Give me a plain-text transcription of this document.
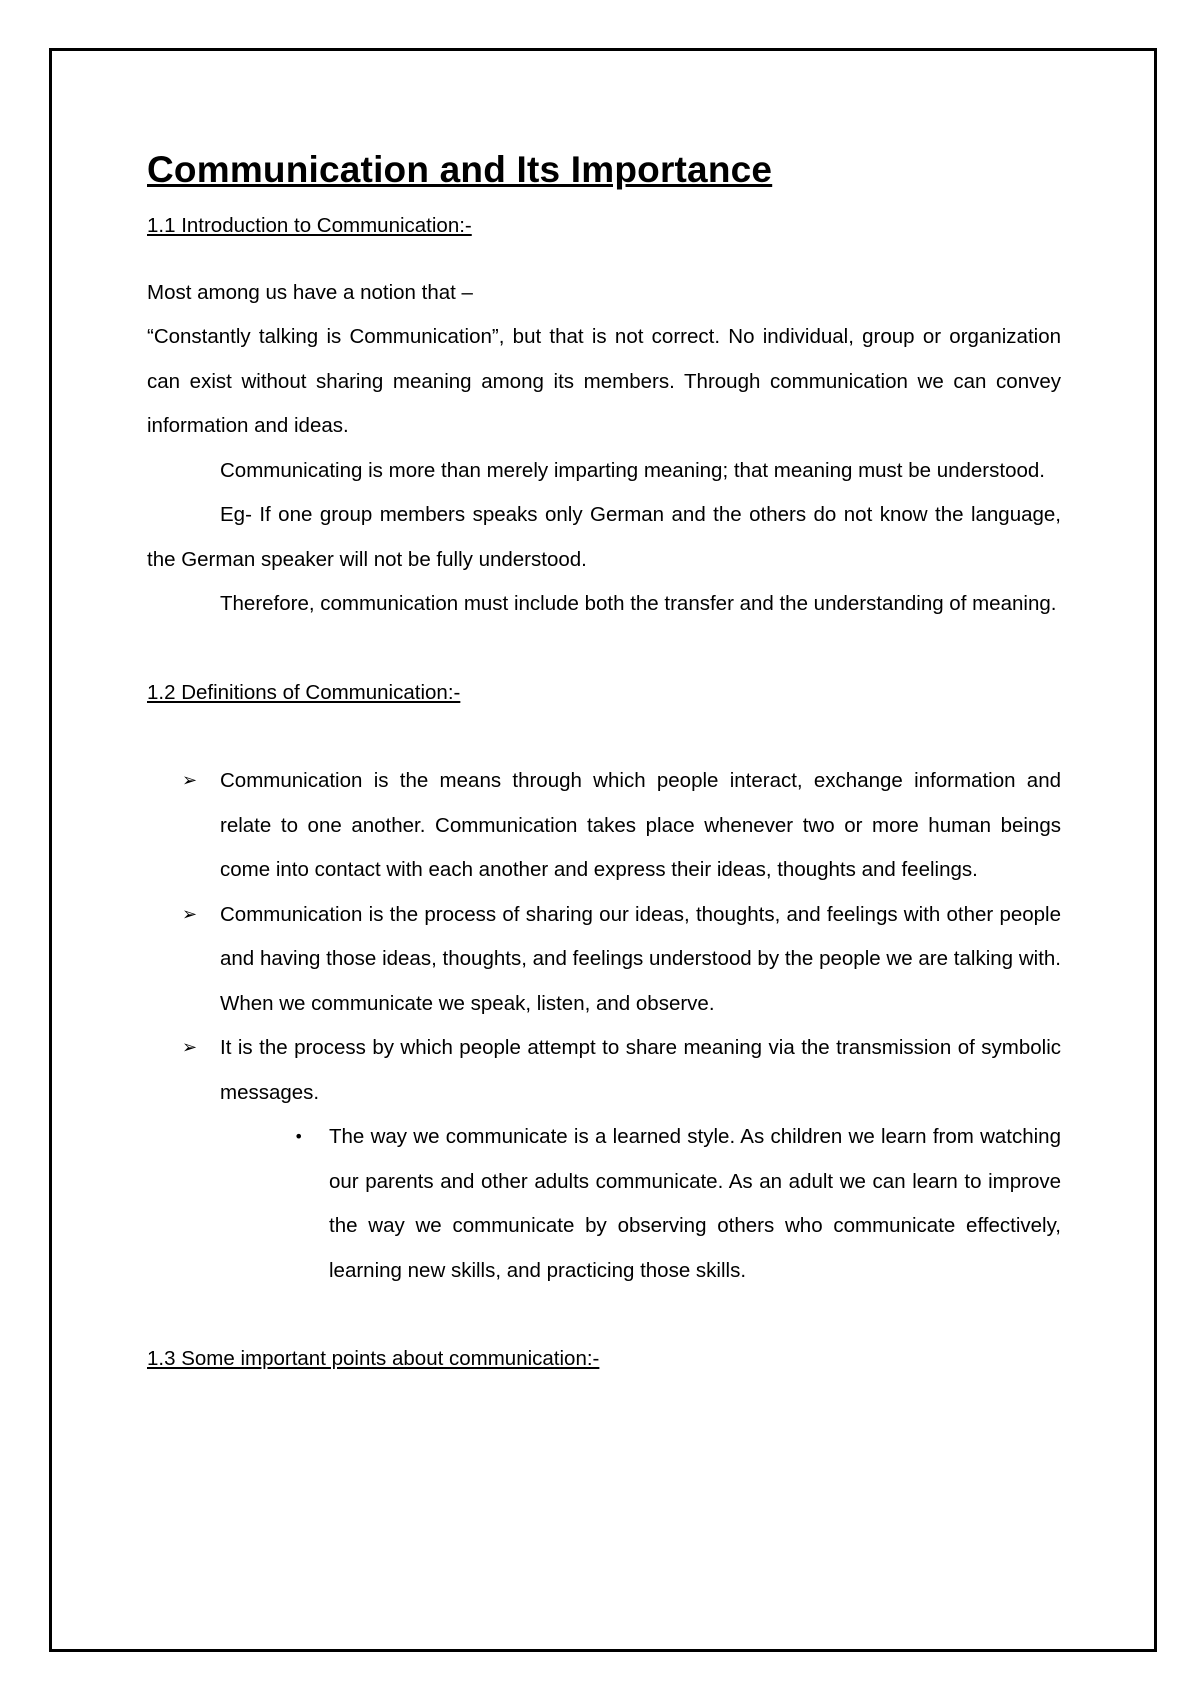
Communication and Its Importance

1.1 Introduction to Communication:-

Most among us have a notion that –

“Constantly talking is Communication”, but that is not correct. No individual, group or organization can exist without sharing meaning among its members. Through communication we can convey information and ideas.

Communicating is more than merely imparting meaning; that meaning must be understood.

Eg- If one group members speaks only German and the others do not know the language, the German speaker will not be fully understood.

Therefore, communication must include both the transfer and the understanding of meaning.

1.2 Definitions of Communication:-

➢ Communication is the means through which people interact, exchange information and relate to one another. Communication takes place whenever two or more human beings come into contact with each another and express their ideas, thoughts and feelings.
➢ Communication is the process of sharing our ideas, thoughts, and feelings with other people and having those ideas, thoughts, and feelings understood by the people we are talking with. When we communicate we speak, listen, and observe.
➢ It is the process by which people attempt to share meaning via the transmission of symbolic messages.
• The way we communicate is a learned style. As children we learn from watching our parents and other adults communicate. As an adult we can learn to improve the way we communicate by observing others who communicate effectively, learning new skills, and practicing those skills.

1.3 Some important points about communication:-
